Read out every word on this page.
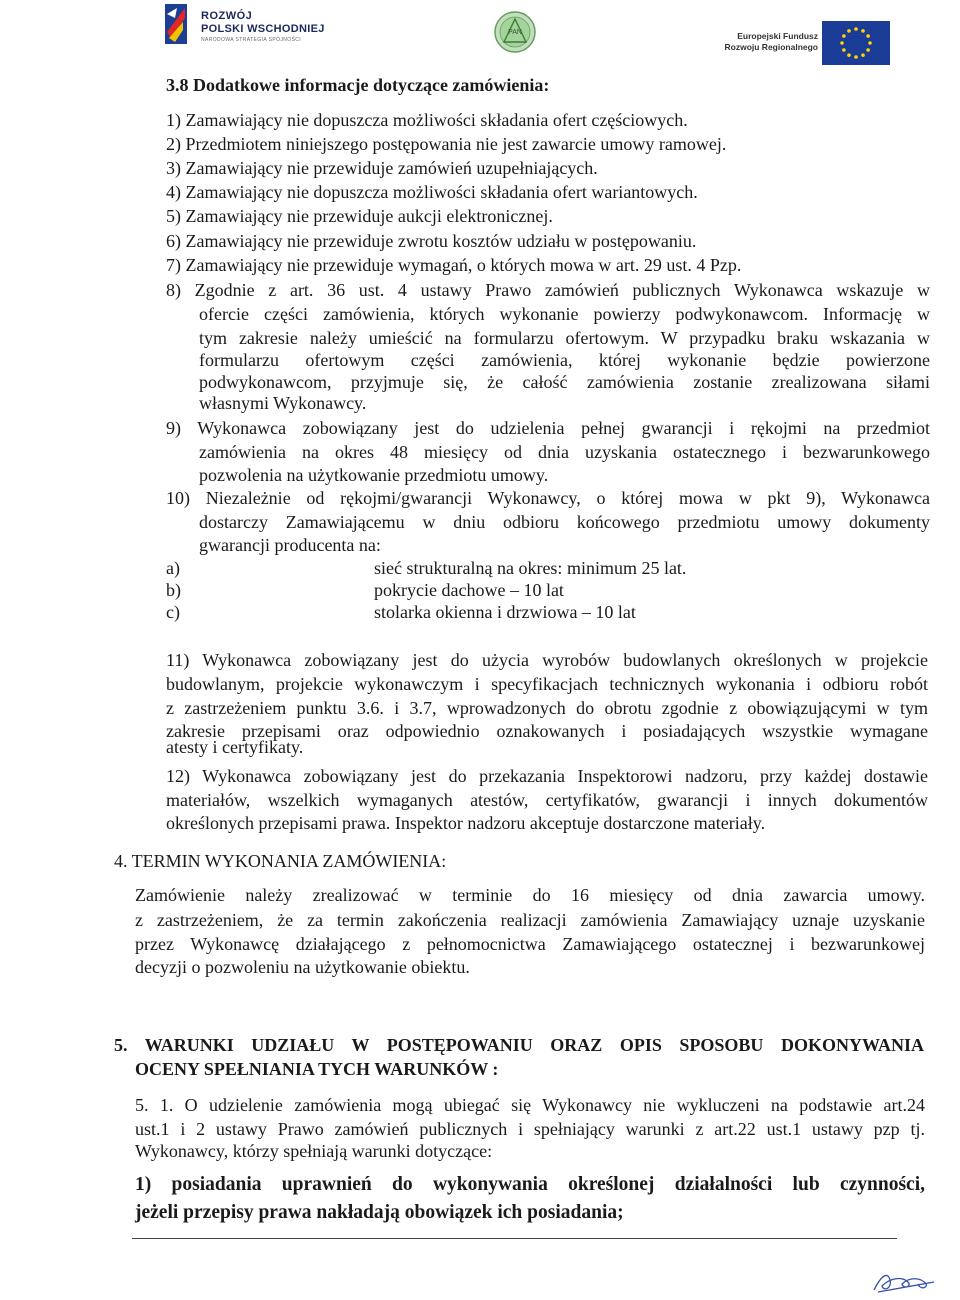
ROZWÓJ
POLSKI WSCHODNIEJ
NARODOWA STRATEGIA SPÓJNOŚCI
PAN	Europejski Fundusz
Rozwoju Regionalnego
3.8 Dodatkowe informacje dotyczące zamówienia:
1) Zamawiający nie dopuszcza możliwości składania ofert częściowych.
2) Przedmiotem niniejszego postępowania nie jest zawarcie umowy ramowej.
3) Zamawiający nie przewiduje zamówień uzupełniających.
4) Zamawiający nie dopuszcza możliwości składania ofert wariantowych.
5) Zamawiający nie przewiduje aukcji elektronicznej.
6) Zamawiający nie przewiduje zwrotu kosztów udziału w postępowaniu.
7) Zamawiający nie przewiduje wymagań, o których mowa w art. 29 ust. 4 Pzp.
8) Zgodnie z art. 36 ust. 4 ustawy Prawo zamówień publicznych Wykonawca wskazuje w
ofercie części zamówienia, których wykonanie powierzy podwykonawcom. Informację w
tym zakresie należy umieścić na formularzu ofertowym. W przypadku braku wskazania w
formularzu ofertowym części zamówienia, której wykonanie będzie powierzone
podwykonawcom, przyjmuje się, że całość zamówienia zostanie zrealizowana siłami
własnymi Wykonawcy.
9) Wykonawca zobowiązany jest do udzielenia pełnej gwarancji i rękojmi na przedmiot
zamówienia na okres 48 miesięcy od dnia uzyskania ostatecznego i bezwarunkowego
pozwolenia na użytkowanie przedmiotu umowy.
10) Niezależnie od rękojmi/gwarancji Wykonawcy, o której mowa w pkt 9), Wykonawca
dostarczy Zamawiającemu w dniu odbioru końcowego przedmiotu umowy dokumenty
gwarancji producenta na:
a)	sieć strukturalną na okres: minimum 25 lat.
b)	pokrycie dachowe – 10 lat
c)	stolarka okienna i drzwiowa – 10 lat
11) Wykonawca zobowiązany jest do użycia wyrobów budowlanych określonych w projekcie
budowlanym, projekcie wykonawczym i specyfikacjach technicznych wykonania i odbioru robót
z zastrzeżeniem punktu 3.6. i 3.7, wprowadzonych do obrotu zgodnie z obowiązującymi w tym
zakresie przepisami oraz odpowiednio oznakowanych i posiadających wszystkie wymagane
atesty i certyfikaty.
12) Wykonawca zobowiązany jest do przekazania Inspektorowi nadzoru, przy każdej dostawie
materiałów, wszelkich wymaganych atestów, certyfikatów, gwarancji i innych dokumentów
określonych przepisami prawa. Inspektor nadzoru akceptuje dostarczone materiały.
4. TERMIN WYKONANIA ZAMÓWIENIA:
Zamówienie należy zrealizować w terminie do 16 miesięcy od dnia zawarcia umowy.
z zastrzeżeniem, że za termin zakończenia realizacji zamówienia Zamawiający uznaje uzyskanie
przez Wykonawcę działającego z pełnomocnictwa Zamawiającego ostatecznej i bezwarunkowej
decyzji o pozwoleniu na użytkowanie obiektu.
5. WARUNKI UDZIAŁU W POSTĘPOWANIU ORAZ OPIS SPOSOBU DOKONYWANIA
OCENY SPEŁNIANIA TYCH WARUNKÓW :
5. 1. O udzielenie zamówienia mogą ubiegać się Wykonawcy nie wykluczeni na podstawie art.24
ust.1 i 2 ustawy Prawo zamówień publicznych i spełniający warunki z art.22 ust.1 ustawy pzp tj.
Wykonawcy, którzy spełniają warunki dotyczące:
1) posiadania uprawnień do wykonywania określonej działalności lub czynności,
jeżeli przepisy prawa nakładają obowiązek ich posiadania;
